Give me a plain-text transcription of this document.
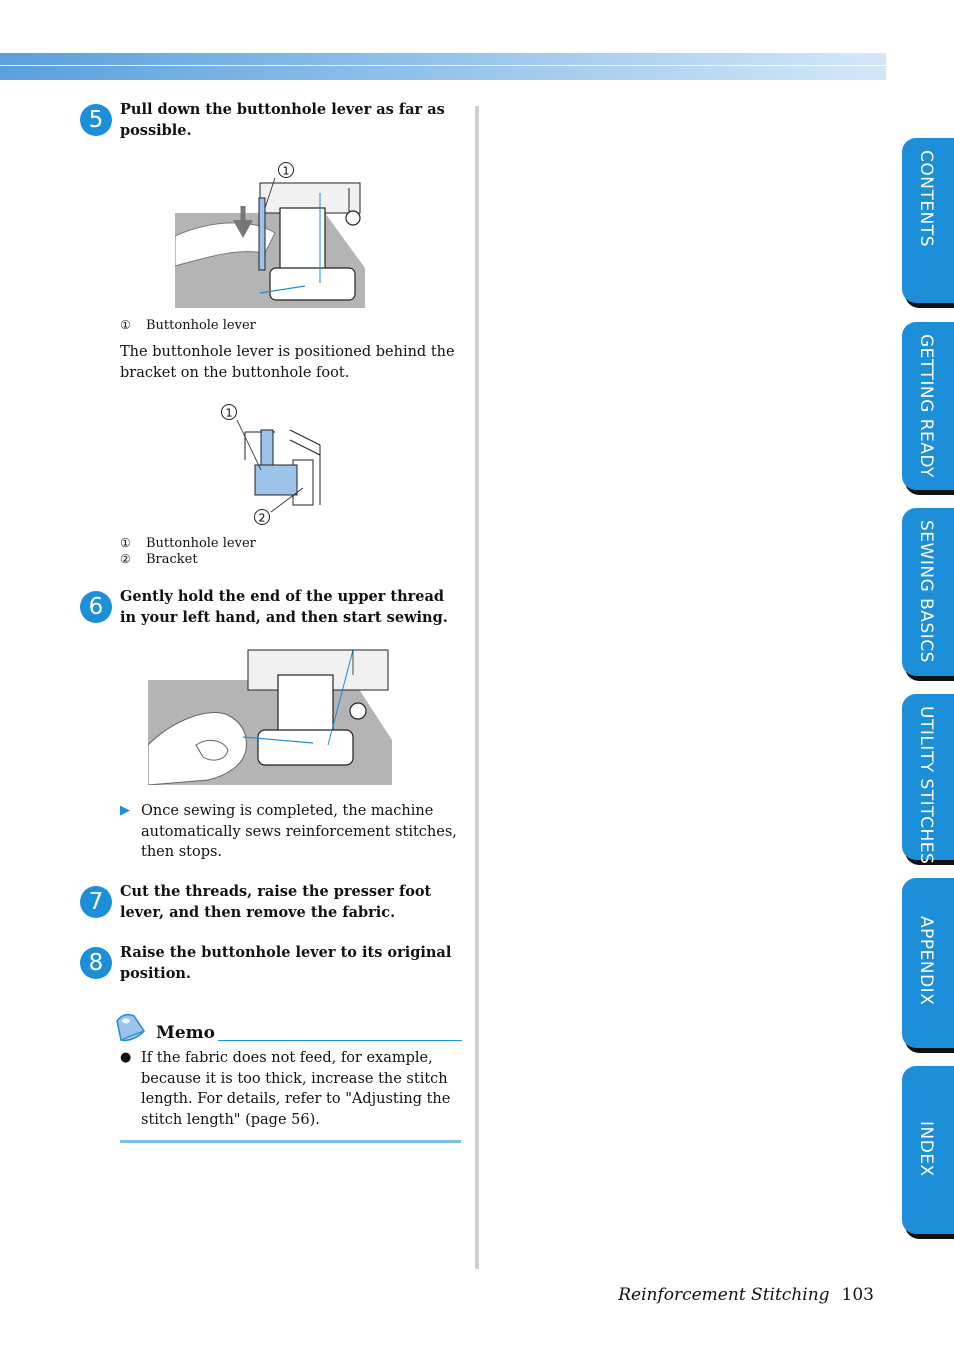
5	Pull down the buttonhole lever as far as possible.
1
① Buttonhole lever
The buttonhole lever is positioned behind the bracket on the buttonhole foot.
1
2
① Buttonhole lever
② Bracket
6	Gently hold the end of the upper thread in your left hand, and then start sewing.
▶ Once sewing is completed, the machine automatically sews reinforcement stitches, then stops.
7	Cut the threads, raise the presser foot lever, and then remove the fabric.
8	Raise the buttonhole lever to its original position.
Memo
● If the fabric does not feed, for example, because it is too thick, increase the stitch length. For details, refer to "Adjusting the stitch length" (page 56).
CONTENTS
GETTING READY
SEWING BASICS
UTILITY STITCHES
APPENDIX
INDEX
Reinforcement Stitching 103
